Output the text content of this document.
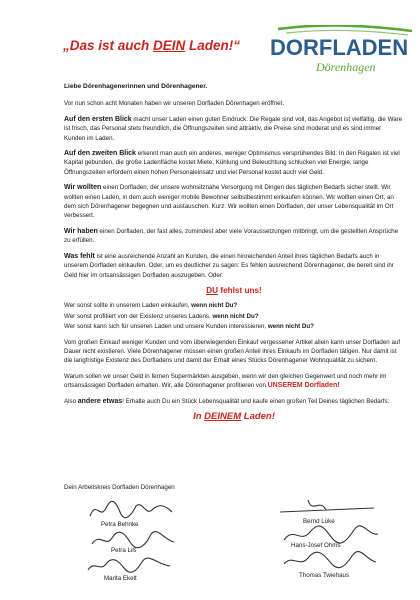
„Das ist auch DEIN Laden!“	DORFLADEN
Dörenhagen

Liebe Dörenhagenerinnen und Dörenhagener.

Vor nun schon acht Monaten haben wir unseren Dorfladen Dörenhagen eröffnet.

Auf den ersten Blick macht unser Laden einen guten Eindruck: Die Regale sind voll, das Angebot ist vielfältig, die Ware ist frisch, das Personal stets freundlich, die Öffnungszeiten sind attraktiv, die Preise sind moderat und es sind immer Kunden im Laden.

Auf den zweiten Blick erkennt man auch ein anderes, weniger Optimismus versprühendes Bild: In den Regalen ist viel Kapital gebunden, die große Ladenfläche kostet Miete, Kühlung und Beleuchtung schlucken viel Energie, lange Öffnungszeiten erfordern einen hohen Personaleinsatz und viel Personal kostet auch viel Geld.

Wir wollten einen Dorfladen, der unsere wohnsitznahe Versorgung mit Dingen des täglichen Bedarfs sicher stellt. Wir wollten einen Laden, in dem auch weniger mobile Bewohner selbstbestimmt einkaufen können. Wir wollten einen Ort, an dem sich Dörenhagener begegnen und austauschen. Kurz: Wir wollten einen Dorfladen, der unser Lebensqualität im Ort verbessert.

Wir haben einen Dorfladen, der fast alles, zumindest aber viele Voraussetzungen mitbringt, um die gestellten Ansprüche zu erfüllen.

Was fehlt ist eine ausreichende Anzahl an Kunden, die einen hinreichenden Anteil ihres täglichen Bedarfs auch in unserem Dorfladen einkaufen. Oder, um es deutlicher zu sagen: Es fehlen ausreichend Dörenhagener, die bereit sind ihr Geld hier im ortsansässigen Dorfladen auszugeben. Oder:

DU fehlst uns!

Wer sonst sollte in unserem Laden einkaufen, wenn nicht Du?

Wer sonst profitiert von der Existenz unseres Ladens, wenn nicht Du?

Wer sonst kann sich für unseren Laden und unsere Kunden interessieren, wenn nicht Du?

Vom großen Einkauf weniger Kunden und vom überwiegenden Einkauf vergessener Artikel allein kann unser Dorfladen auf Dauer nicht existieren. Viele Dörenhagener müssen einen großen Anteil ihres Einkaufs im Dorfladen tätigen. Nur damit ist die langfristige Existenz des Dorfladens und damit der Erhalt eines Stücks Dörenhagener Wohnqualität zu sichern.

Warum sollen wir unser Geld in fernen Supermärkten ausgeben, wenn wir den gleichen Gegenwert und noch mehr im ortsansässigen Dorfladen erhalten. Wir, alle Dörenhagener profitieren von UNSEREM Dorfladen!

Also andere etwas! Erhalte auch Du ein Stück Lebensqualität und kaufe einen großen Teil Deines täglichen Bedarfs:

In DEINEM Laden!

Dein Arbeitskreis Dorfladen Dörenhagen
Petra Behnke
Petra Liß
Marita Ekelt
Bernd Lüke
Hans-Josef Ohms
Thomas Twiehaus
